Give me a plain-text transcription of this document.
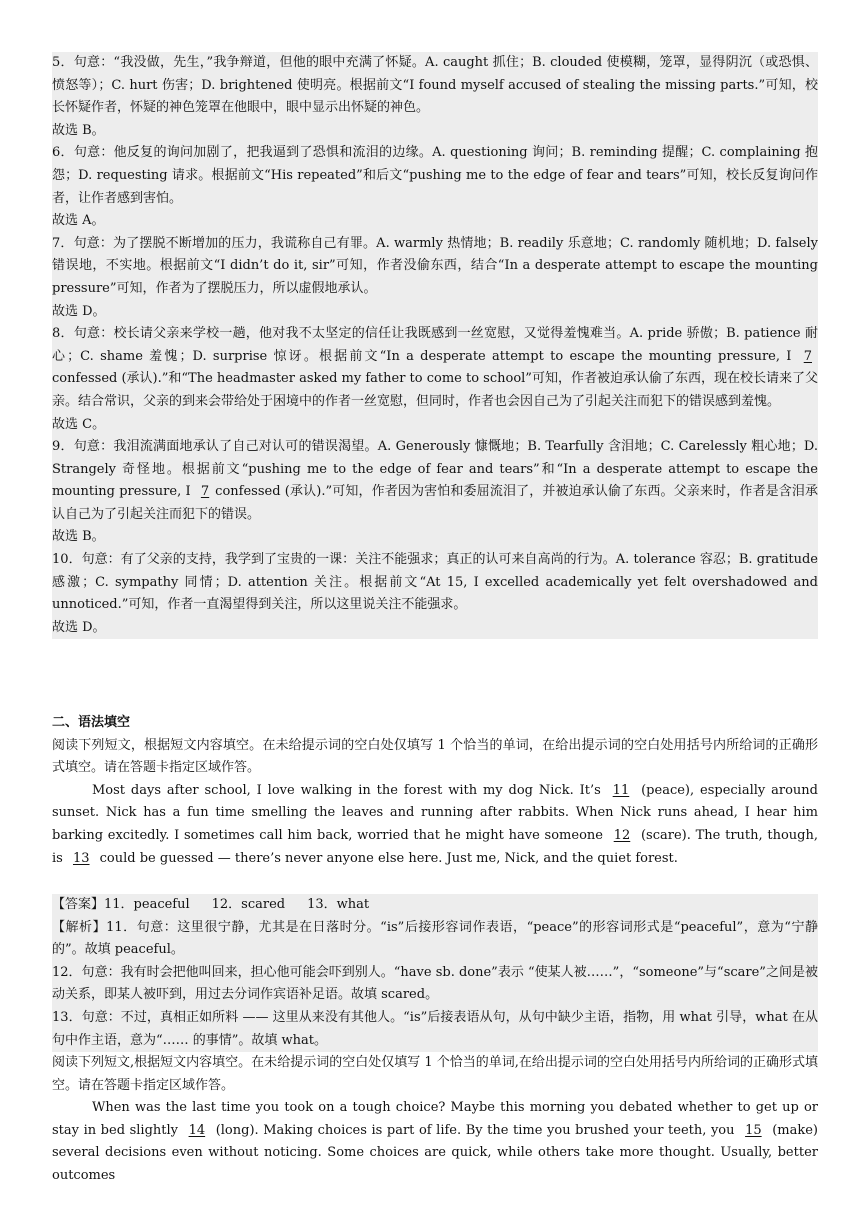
5．句意：“我没做，先生，”我争辩道，但他的眼中充满了怀疑。A. caught 抓住；B. clouded 使模糊，笼罩，显得阴沉（或恐惧、愤怒等）；C. hurt 伤害；D. brightened 使明亮。根据前文“I found myself accused of stealing the missing parts.”可知，校长怀疑作者，怀疑的神色笼罩在他眼中，眼中显示出怀疑的神色。

故选 B。

6．句意：他反复的询问加剧了，把我逼到了恐惧和流泪的边缘。A. questioning 询问；B. reminding 提醒；C. complaining 抱怨；D. requesting 请求。根据前文“His repeated”和后文“pushing me to the edge of fear and tears”可知，校长反复询问作者，让作者感到害怕。

故选 A。

7．句意：为了摆脱不断增加的压力，我谎称自己有罪。A. warmly 热情地；B. readily 乐意地；C. randomly 随机地；D. falsely 错误地，不实地。根据前文“I didn’t do it, sir”可知，作者没偷东西，结合“In a desperate attempt to escape the mounting pressure”可知，作者为了摆脱压力，所以虚假地承认。

故选 D。

8．句意：校长请父亲来学校一趟，他对我不太坚定的信任让我既感到一丝宽慰，又觉得羞愧难当。A. pride 骄傲；B. patience 耐心；C. shame 羞愧；D. surprise 惊讶。根据前文“In a desperate attempt to escape the mounting pressure, I 7 confessed (承认).”和“The headmaster asked my father to come to school”可知，作者被迫承认偷了东西，现在校长请来了父亲。结合常识，父亲的到来会带给处于困境中的作者一丝宽慰，但同时，作者也会因自己为了引起关注而犯下的错误感到羞愧。

故选 C。

9．句意：我泪流满面地承认了自己对认可的错误渴望。A. Generously 慷慨地；B. Tearfully 含泪地；C. Carelessly 粗心地；D. Strangely 奇怪地。根据前文“pushing me to the edge of fear and tears”和“In a desperate attempt to escape the mounting pressure, I 7 confessed (承认).”可知，作者因为害怕和委屈流泪了，并被迫承认偷了东西。父亲来时，作者是含泪承认自己为了引起关注而犯下的错误。

故选 B。

10．句意：有了父亲的支持，我学到了宝贵的一课：关注不能强求；真正的认可来自高尚的行为。A. tolerance 容忍；B. gratitude 感激；C. sympathy 同情；D. attention 关注。根据前文“At 15, I excelled academically yet felt overshadowed and unnoticed.”可知，作者一直渴望得到关注，所以这里说关注不能强求。

故选 D。

二、语法填空

阅读下列短文，根据短文内容填空。在未给提示词的空白处仅填写 1 个恰当的单词，在给出提示词的空白处用括号内所给词的正确形式填空。请在答题卡指定区域作答。

Most days after school, I love walking in the forest with my dog Nick. It’s 11 (peace), especially around sunset. Nick has a fun time smelling the leaves and running after rabbits. When Nick runs ahead, I hear him barking excitedly. I sometimes call him back, worried that he might have someone 12 (scare). The truth, though, is 13 could be guessed — there’s never anyone else here. Just me, Nick, and the quiet forest.

【答案】11．peaceful 12．scared 13．what

【解析】11．句意：这里很宁静，尤其是在日落时分。“is”后接形容词作表语，“peace”的形容词形式是“peaceful”，意为“宁静的”。故填 peaceful。

12．句意：我有时会把他叫回来，担心他可能会吓到别人。“have sb. done”表示 “使某人被……”，“someone”与“scare”之间是被动关系，即某人被吓到，用过去分词作宾语补足语。故填 scared。

13．句意：不过，真相正如所料 —— 这里从来没有其他人。“is”后接表语从句，从句中缺少主语，指物，用 what 引导，what 在从句中作主语，意为“…… 的事情”。故填 what。

阅读下列短文,根据短文内容填空。在未给提示词的空白处仅填写 1 个恰当的单词,在给出提示词的空白处用括号内所给词的正确形式填空。请在答题卡指定区域作答。

When was the last time you took on a tough choice? Maybe this morning you debated whether to get up or stay in bed slightly 14 (long). Making choices is part of life. By the time you brushed your teeth, you 15 (make) several decisions even without noticing. Some choices are quick, while others take more thought. Usually, better outcomes
